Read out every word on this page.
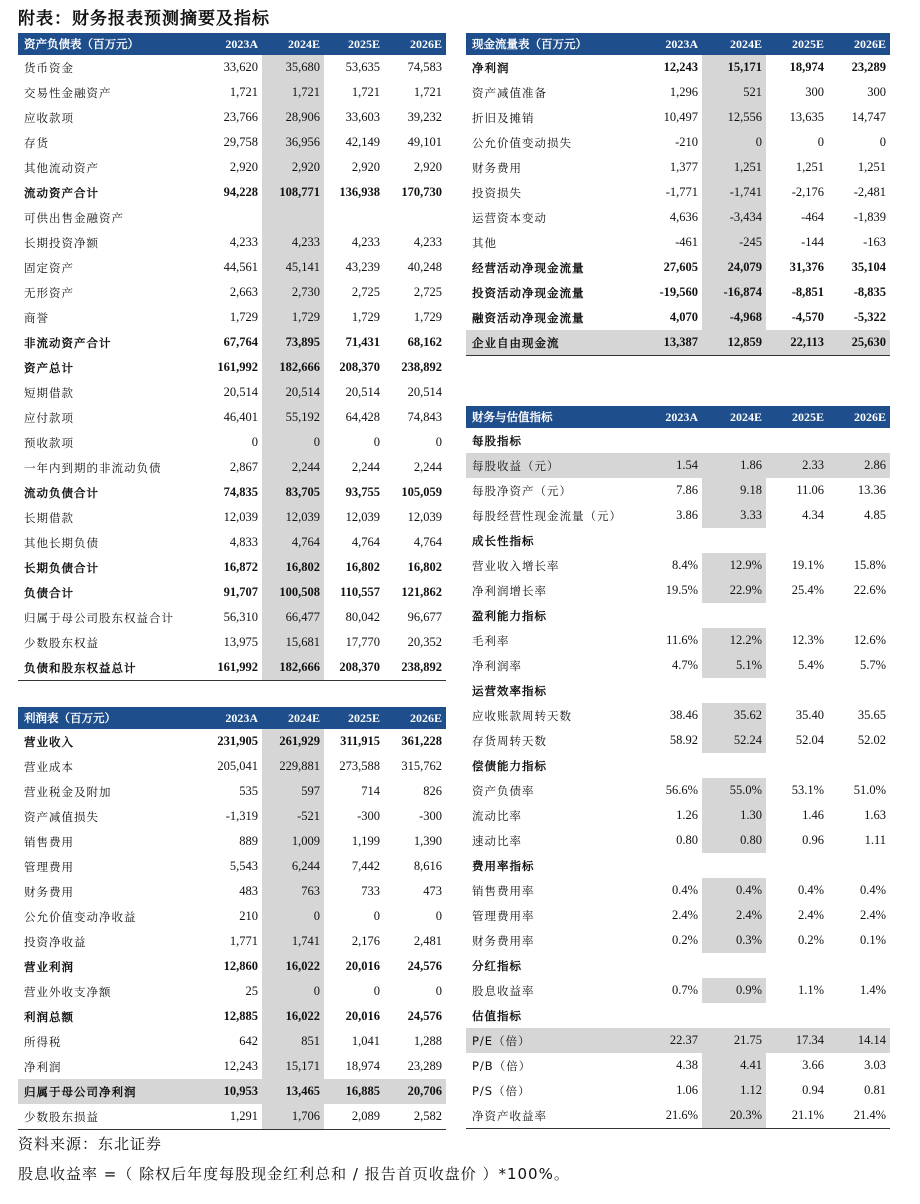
附表：财务报表预测摘要及指标
资产负债表（百万元）	2023A	2024E	2025E	2026E
货币资金	33,620	35,680	53,635	74,583
交易性金融资产	1,721	1,721	1,721	1,721
应收款项	23,766	28,906	33,603	39,232
存货	29,758	36,956	42,149	49,101
其他流动资产	2,920	2,920	2,920	2,920
流动资产合计	94,228	108,771	136,938	170,730
可供出售金融资产				
长期投资净额	4,233	4,233	4,233	4,233
固定资产	44,561	45,141	43,239	40,248
无形资产	2,663	2,730	2,725	2,725
商誉	1,729	1,729	1,729	1,729
非流动资产合计	67,764	73,895	71,431	68,162
资产总计	161,992	182,666	208,370	238,892
短期借款	20,514	20,514	20,514	20,514
应付款项	46,401	55,192	64,428	74,843
预收款项	0	0	0	0
一年内到期的非流动负债	2,867	2,244	2,244	2,244
流动负债合计	74,835	83,705	93,755	105,059
长期借款	12,039	12,039	12,039	12,039
其他长期负债	4,833	4,764	4,764	4,764
长期负债合计	16,872	16,802	16,802	16,802
负债合计	91,707	100,508	110,557	121,862
归属于母公司股东权益合计	56,310	66,477	80,042	96,677
少数股东权益	13,975	15,681	17,770	20,352
负债和股东权益总计	161,992	182,666	208,370	238,892
利润表（百万元）	2023A	2024E	2025E	2026E
营业收入	231,905	261,929	311,915	361,228
营业成本	205,041	229,881	273,588	315,762
营业税金及附加	535	597	714	826
资产减值损失	-1,319	-521	-300	-300
销售费用	889	1,009	1,199	1,390
管理费用	5,543	6,244	7,442	8,616
财务费用	483	763	733	473
公允价值变动净收益	210	0	0	0
投资净收益	1,771	1,741	2,176	2,481
营业利润	12,860	16,022	20,016	24,576
营业外收支净额	25	0	0	0
利润总额	12,885	16,022	20,016	24,576
所得税	642	851	1,041	1,288
净利润	12,243	15,171	18,974	23,289
归属于母公司净利润	10,953	13,465	16,885	20,706
少数股东损益	1,291	1,706	2,089	2,582
现金流量表（百万元）	2023A	2024E	2025E	2026E
净利润	12,243	15,171	18,974	23,289
资产减值准备	1,296	521	300	300
折旧及摊销	10,497	12,556	13,635	14,747
公允价值变动损失	-210	0	0	0
财务费用	1,377	1,251	1,251	1,251
投资损失	-1,771	-1,741	-2,176	-2,481
运营资本变动	4,636	-3,434	-464	-1,839
其他	-461	-245	-144	-163
经营活动净现金流量	27,605	24,079	31,376	35,104
投资活动净现金流量	-19,560	-16,874	-8,851	-8,835
融资活动净现金流量	4,070	-4,968	-4,570	-5,322
企业自由现金流	13,387	12,859	22,113	25,630
财务与估值指标	2023A	2024E	2025E	2026E
每股指标				
每股收益（元）	1.54	1.86	2.33	2.86
每股净资产（元）	7.86	9.18	11.06	13.36
每股经营性现金流量（元）	3.86	3.33	4.34	4.85
成长性指标				
营业收入增长率	8.4%	12.9%	19.1%	15.8%
净利润增长率	19.5%	22.9%	25.4%	22.6%
盈利能力指标				
毛利率	11.6%	12.2%	12.3%	12.6%
净利润率	4.7%	5.1%	5.4%	5.7%
运营效率指标				
应收账款周转天数	38.46	35.62	35.40	35.65
存货周转天数	58.92	52.24	52.04	52.02
偿债能力指标				
资产负债率	56.6%	55.0%	53.1%	51.0%
流动比率	1.26	1.30	1.46	1.63
速动比率	0.80	0.80	0.96	1.11
费用率指标				
销售费用率	0.4%	0.4%	0.4%	0.4%
管理费用率	2.4%	2.4%	2.4%	2.4%
财务费用率	0.2%	0.3%	0.2%	0.1%
分红指标				
股息收益率	0.7%	0.9%	1.1%	1.4%
估值指标				
P/E（倍）	22.37	21.75	17.34	14.14
P/B（倍）	4.38	4.41	3.66	3.03
P/S（倍）	1.06	1.12	0.94	0.81
净资产收益率	21.6%	20.3%	21.1%	21.4%
资料来源：东北证券
股息收益率 =（ 除权后年度每股现金红利总和 / 报告首页收盘价 ）*100%。
